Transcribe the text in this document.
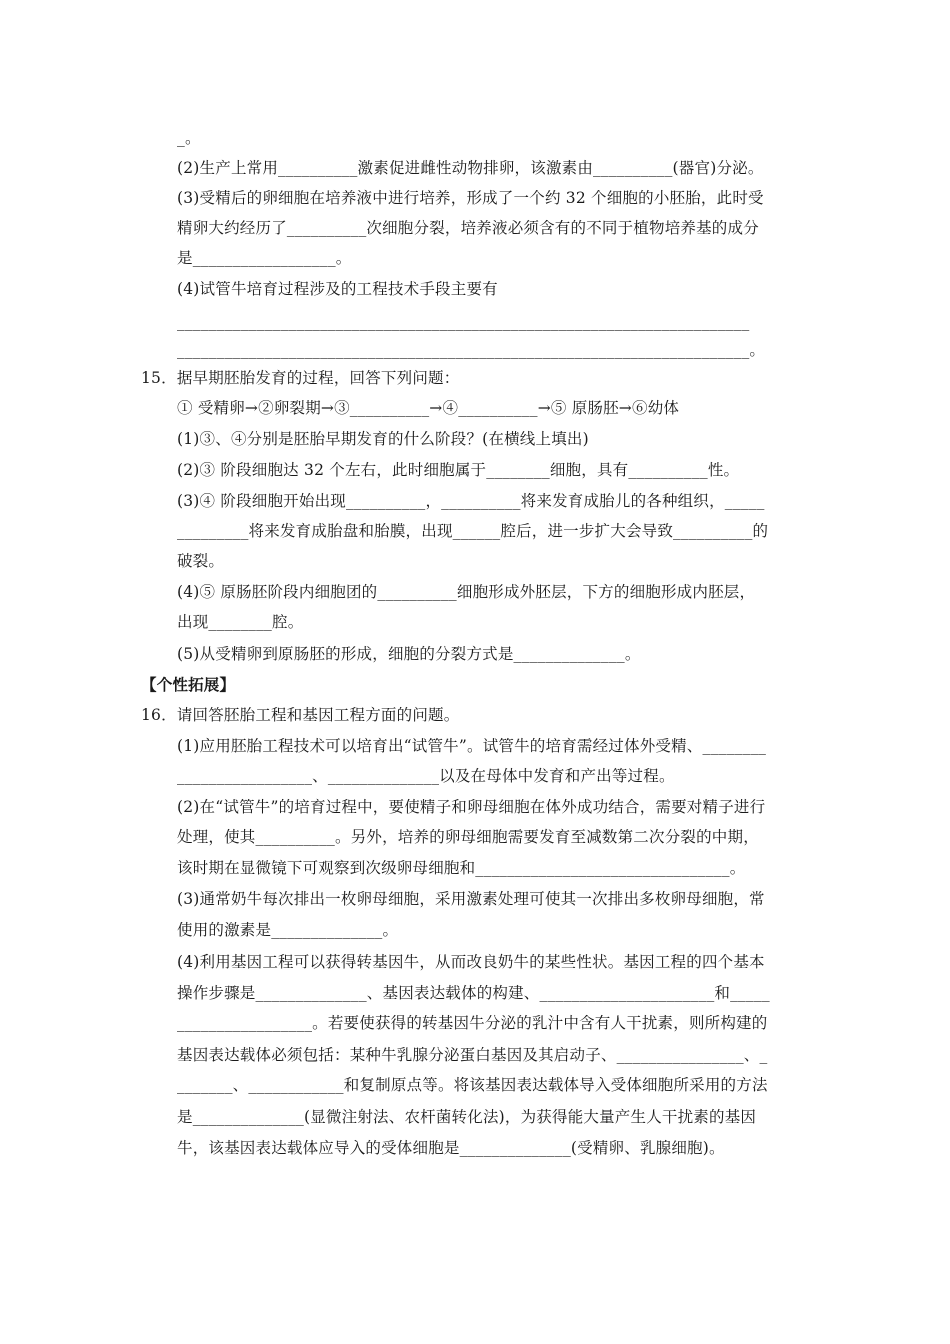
_。
(2)生产上常用__________激素促进雌性动物排卵，该激素由__________(器官)分泌。
(3)受精后的卵细胞在培养液中进行培养，形成了一个约 32 个细胞的小胚胎，此时受
精卵大约经历了__________次细胞分裂，培养液必须含有的不同于植物培养基的成分
是__________________。
(4)试管牛培育过程涉及的工程技术手段主要有
________________________________________________________________________
________________________________________________________________________。
15．据早期胚胎发育的过程，回答下列问题：
① 受精卵→②卵裂期→③__________→④__________→⑤ 原肠胚→⑥幼体
(1)③、④分别是胚胎早期发育的什么阶段？(在横线上填出)
(2)③ 阶段细胞达 32 个左右，此时细胞属于________细胞，具有__________性。
(3)④ 阶段细胞开始出现__________，__________将来发育成胎儿的各种组织，_____
_________将来发育成胎盘和胎膜，出现______腔后，进一步扩大会导致__________的
破裂。
(4)⑤ 原肠胚阶段内细胞团的__________细胞形成外胚层，下方的细胞形成内胚层，
出现________腔。
(5)从受精卵到原肠胚的形成，细胞的分裂方式是______________。
【个性拓展】
16．请回答胚胎工程和基因工程方面的问题。
(1)应用胚胎工程技术可以培育出“试管牛”。试管牛的培育需经过体外受精、________
_________________、______________以及在母体中发育和产出等过程。
(2)在“试管牛”的培育过程中，要使精子和卵母细胞在体外成功结合，需要对精子进行
处理，使其__________。另外，培养的卵母细胞需要发育至减数第二次分裂的中期，
该时期在显微镜下可观察到次级卵母细胞和________________________________。
(3)通常奶牛每次排出一枚卵母细胞，采用激素处理可使其一次排出多枚卵母细胞，常
使用的激素是______________。
(4)利用基因工程可以获得转基因牛，从而改良奶牛的某些性状。基因工程的四个基本
操作步骤是______________、基因表达载体的构建、______________________和_____
_________________。若要使获得的转基因牛分泌的乳汁中含有人干扰素，则所构建的
基因表达载体必须包括：某种牛乳腺分泌蛋白基因及其启动子、________________、_
_______、____________和复制原点等。将该基因表达载体导入受体细胞所采用的方法
是______________(显微注射法、农杆菌转化法)，为获得能大量产生人干扰素的基因
牛，该基因表达载体应导入的受体细胞是______________(受精卵、乳腺细胞)。
